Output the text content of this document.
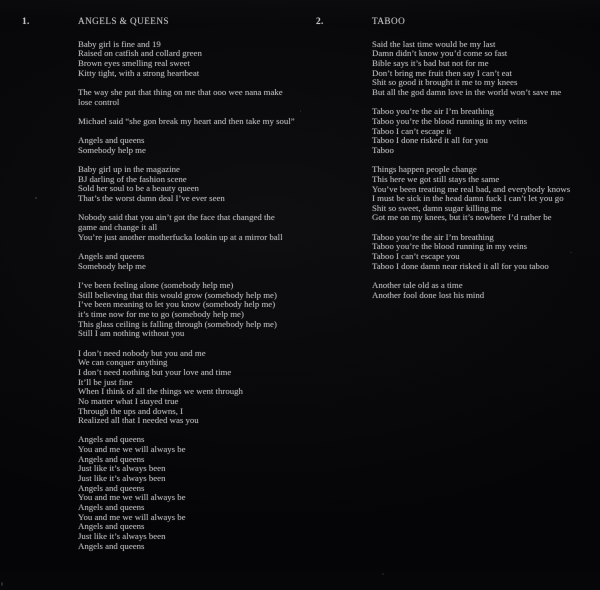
1.	ANGELS & QUEENS
Baby girl is fine and 19
Raised on catfish and collard green
Brown eyes smelling real sweet
Kitty tight, with a strong heartbeat
The way she put that thing on me that ooo wee nana make
lose control
Michael said “she gon break my heart and then take my soul”
Angels and queens
Somebody help me
Baby girl up in the magazine
BJ darling of the fashion scene
Sold her soul to be a beauty queen
That’s the worst damn deal I’ve ever seen
Nobody said that you ain’t got the face that changed the
game and change it all
You’re just another motherfucka lookin up at a mirror ball
Angels and queens
Somebody help me
I’ve been feeling alone (somebody help me)
Still believing that this would grow (somebody help me)
I’ve been meaning to let you know (somebody help me)
it’s time now for me to go (somebody help me)
This glass ceiling is falling through (somebody help me)
Still I am nothing without you
I don’t need nobody but you and me
We can conquer anything
I don’t need nothing but your love and time
It’ll be just fine
When I think of all the things we went through
No matter what I stayed true
Through the ups and downs, I
Realized all that I needed was you
Angels and queens
You and me we will always be
Angels and queens
Just like it’s always been
Just like it’s always been
Angels and queens
You and me we will always be
Angels and queens
You and me we will always be
Angels and queens
Just like it’s always been
Angels and queens
2.	TABOO
Said the last time would be my last
Damn didn’t know you’d come so fast
Bible says it’s bad but not for me
Don’t bring me fruit then say I can’t eat
Shit so good it brought it me to my knees
But all the god damn love in the world won’t save me
Taboo you’re the air I’m breathing
Taboo you’re the blood running in my veins
Taboo I can’t escape it
Taboo I done risked it all for you
Taboo
Things happen people change
This here we got still stays the same
You’ve been treating me real bad, and everybody knows
I must be sick in the head damn fuck I can’t let you go
Shit so sweet, damn sugar killing me
Got me on my knees, but it’s nowhere I’d rather be
Taboo you’re the air I’m breathing
Taboo you’re the blood running in my veins
Taboo I can’t escape you
Taboo I done damn near risked it all for you taboo
Another tale old as a time
Another fool done lost his mind
